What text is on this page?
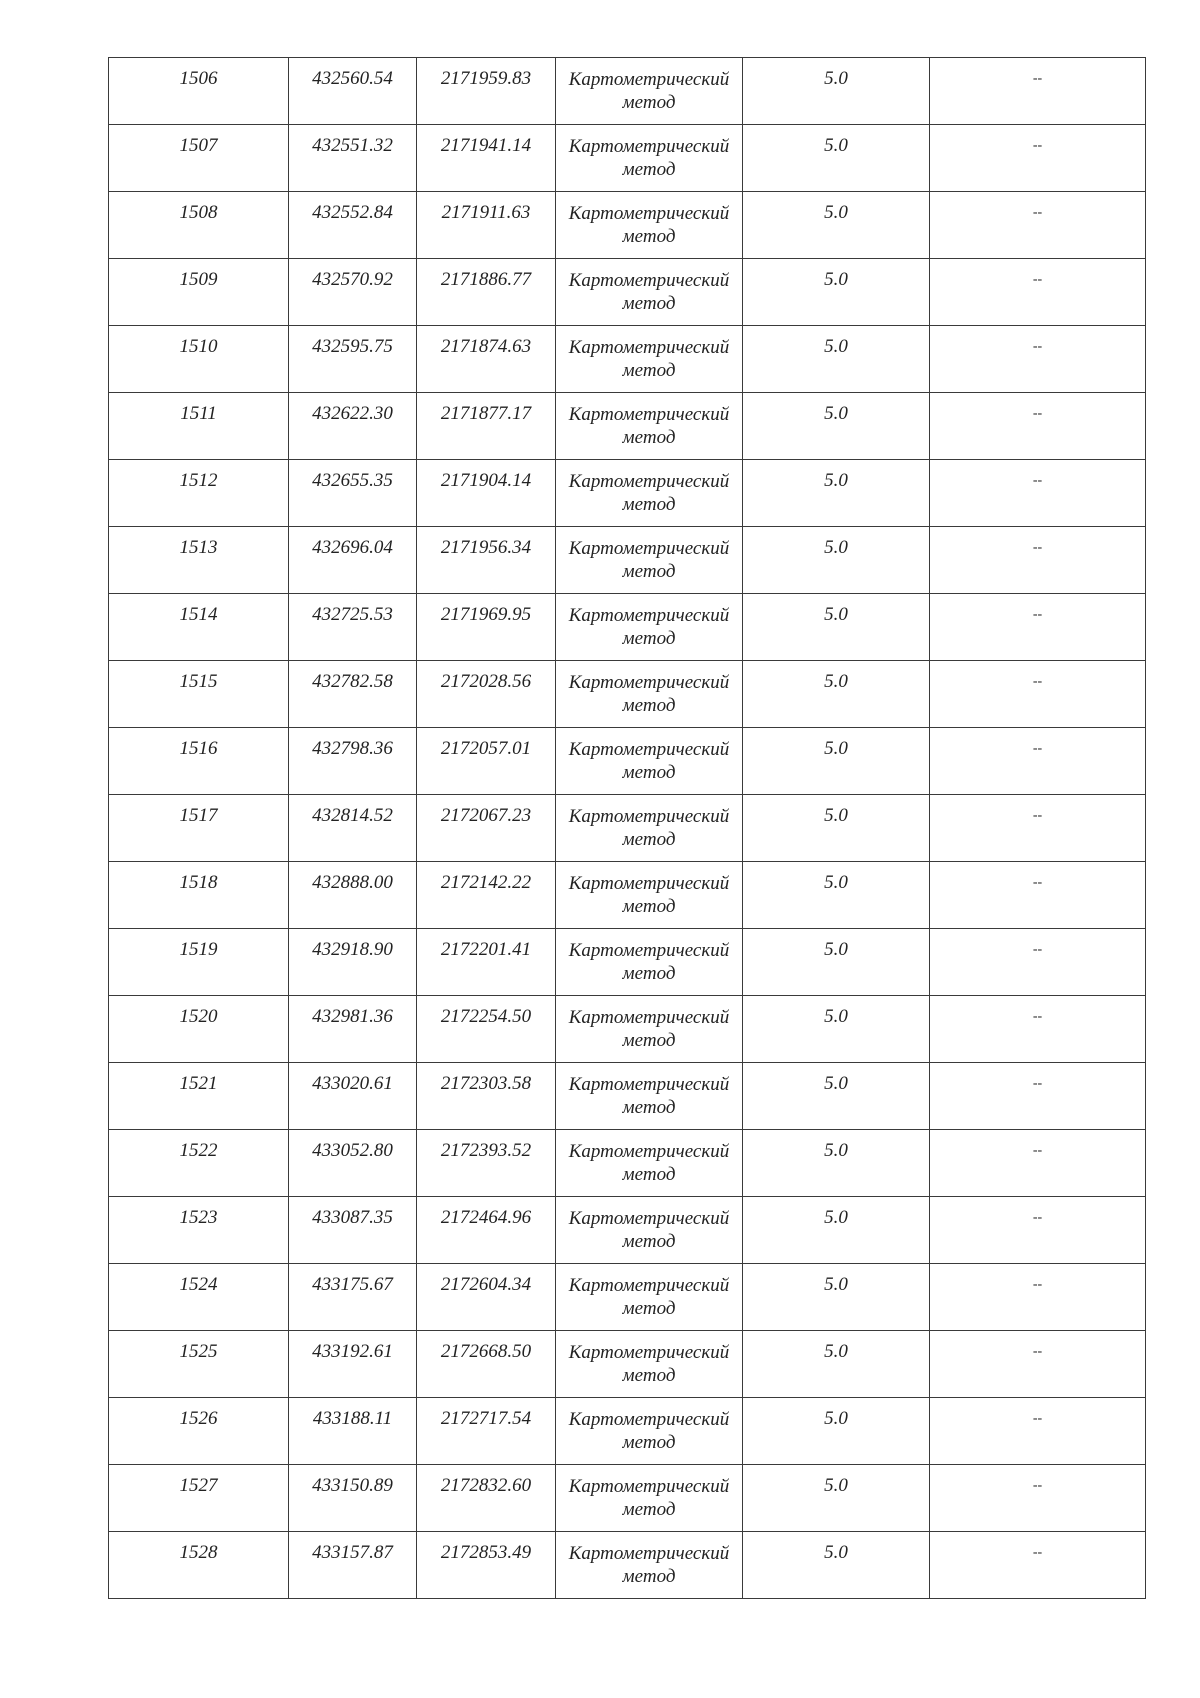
1506	432560.54	2171959.83	Картометрический
метод	5.0	--

1507	432551.32	2171941.14	Картометрический
метод	5.0	--

1508	432552.84	2171911.63	Картометрический
метод	5.0	--

1509	432570.92	2171886.77	Картометрический
метод	5.0	--

1510	432595.75	2171874.63	Картометрический
метод	5.0	--

1511	432622.30	2171877.17	Картометрический
метод	5.0	--

1512	432655.35	2171904.14	Картометрический
метод	5.0	--

1513	432696.04	2171956.34	Картометрический
метод	5.0	--

1514	432725.53	2171969.95	Картометрический
метод	5.0	--

1515	432782.58	2172028.56	Картометрический
метод	5.0	--

1516	432798.36	2172057.01	Картометрический
метод	5.0	--

1517	432814.52	2172067.23	Картометрический
метод	5.0	--

1518	432888.00	2172142.22	Картометрический
метод	5.0	--

1519	432918.90	2172201.41	Картометрический
метод	5.0	--

1520	432981.36	2172254.50	Картометрический
метод	5.0	--

1521	433020.61	2172303.58	Картометрический
метод	5.0	--

1522	433052.80	2172393.52	Картометрический
метод	5.0	--

1523	433087.35	2172464.96	Картометрический
метод	5.0	--

1524	433175.67	2172604.34	Картометрический
метод	5.0	--

1525	433192.61	2172668.50	Картометрический
метод	5.0	--

1526	433188.11	2172717.54	Картометрический
метод	5.0	--

1527	433150.89	2172832.60	Картометрический
метод	5.0	--

1528	433157.87	2172853.49	Картометрический
метод	5.0	--
